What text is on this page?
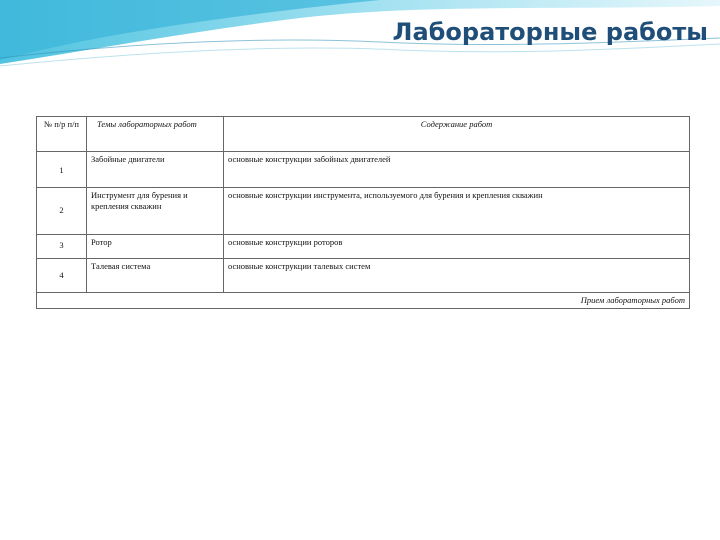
Лабораторные работы
№ п/р п/п	Темы лабораторных работ	Содержание работ

1	Забойные двигатели	основные конструкции забойных двигателей

2	Инструмент для бурения и крепления скважин	основные конструкции инструмента, используемого для бурения и крепления скважин

3	Ротор	основные конструкции роторов

4	Талевая система	основные конструкции талевых систем
Прием лабораторных работ		
